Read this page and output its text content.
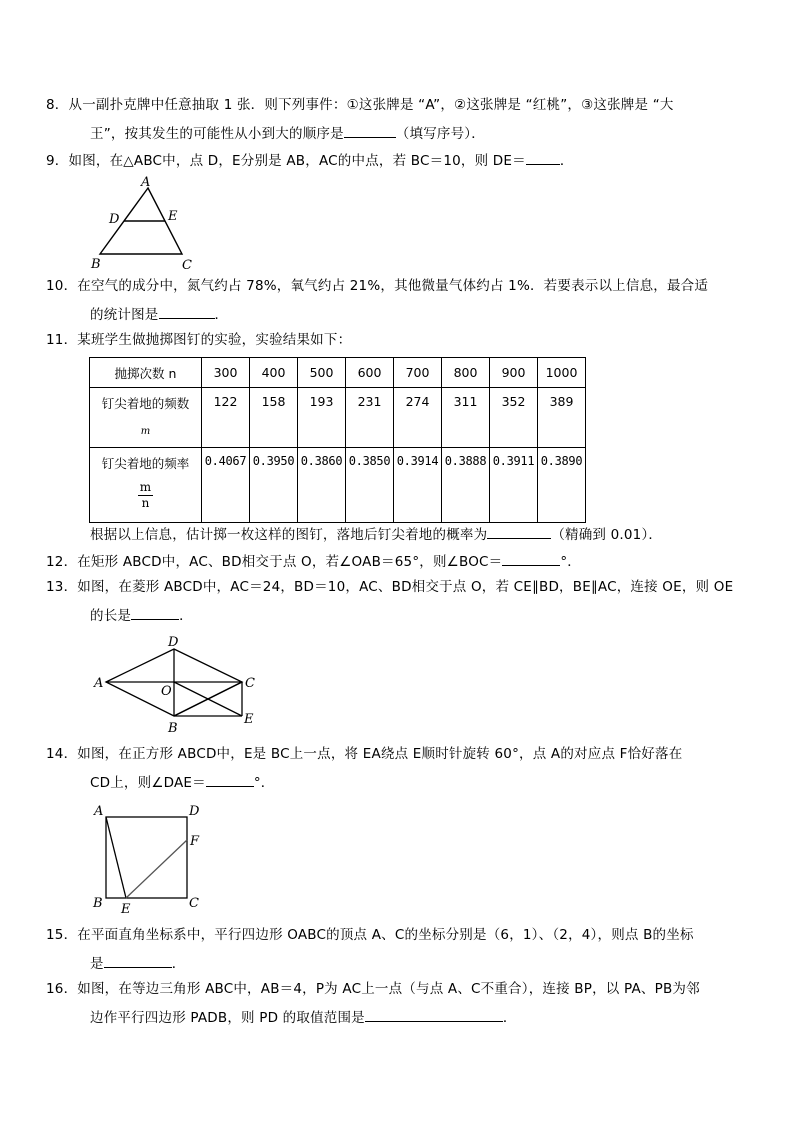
8．从一副扑克牌中任意抽取 1 张．则下列事件：①这张牌是 “A”，②这张牌是 “红桃”，③这张牌是 “大
王”，按其发生的可能性从小到大的顺序是	（填写序号）．
9．如图，在△ABC中，点 D，E分别是 AB，AC的中点，若 BC＝10，则 DE＝	．
A
D	E
B	C
10．在空气的成分中，氮气约占 78%，氧气约占 21%，其他微量气体约占 1%．若要表示以上信息，最合适
的统计图是	．
11．某班学生做抛掷图钉的实验，实验结果如下：
抛掷次数 n	300	400	500	600	700	800	900	1000
钉尖着地的频数
m	122	158	193	231	274	311	352	389
钉尖着地的频率

$\frac{m}{n}$	0.4067	0.3950	0.3860	0.3850	0.3914	0.3888	0.3911	0.3890
根据以上信息，估计掷一枚这样的图钉，落地后钉尖着地的概率为	（精确到 0.01）．
12．在矩形 ABCD中，AC、BD相交于点 O，若∠OAB＝65°，则∠BOC＝	°．
13．如图，在菱形 ABCD中，AC＝24，BD＝10，AC、BD相交于点 O，若 CE∥BD，BE∥AC，连接 OE，则 OE
的长是	．
D
A	C
O
B
E
14．如图，在正方形 ABCD中，E是 BC上一点，将 EA绕点 E顺时针旋转 60°，点 A的对应点 F恰好落在
CD上，则∠DAE＝	°．
A	D
F
B E	C
15．在平面直角坐标系中，平行四边形 OABC的顶点 A、C的坐标分别是（6，1）、（2，4），则点 B的坐标
是	．
16．如图，在等边三角形 ABC中，AB＝4，P为 AC上一点（与点 A、C不重合），连接 BP，以 PA、PB为邻
边作平行四边形 PADB，则 PD 的取值范围是	．
